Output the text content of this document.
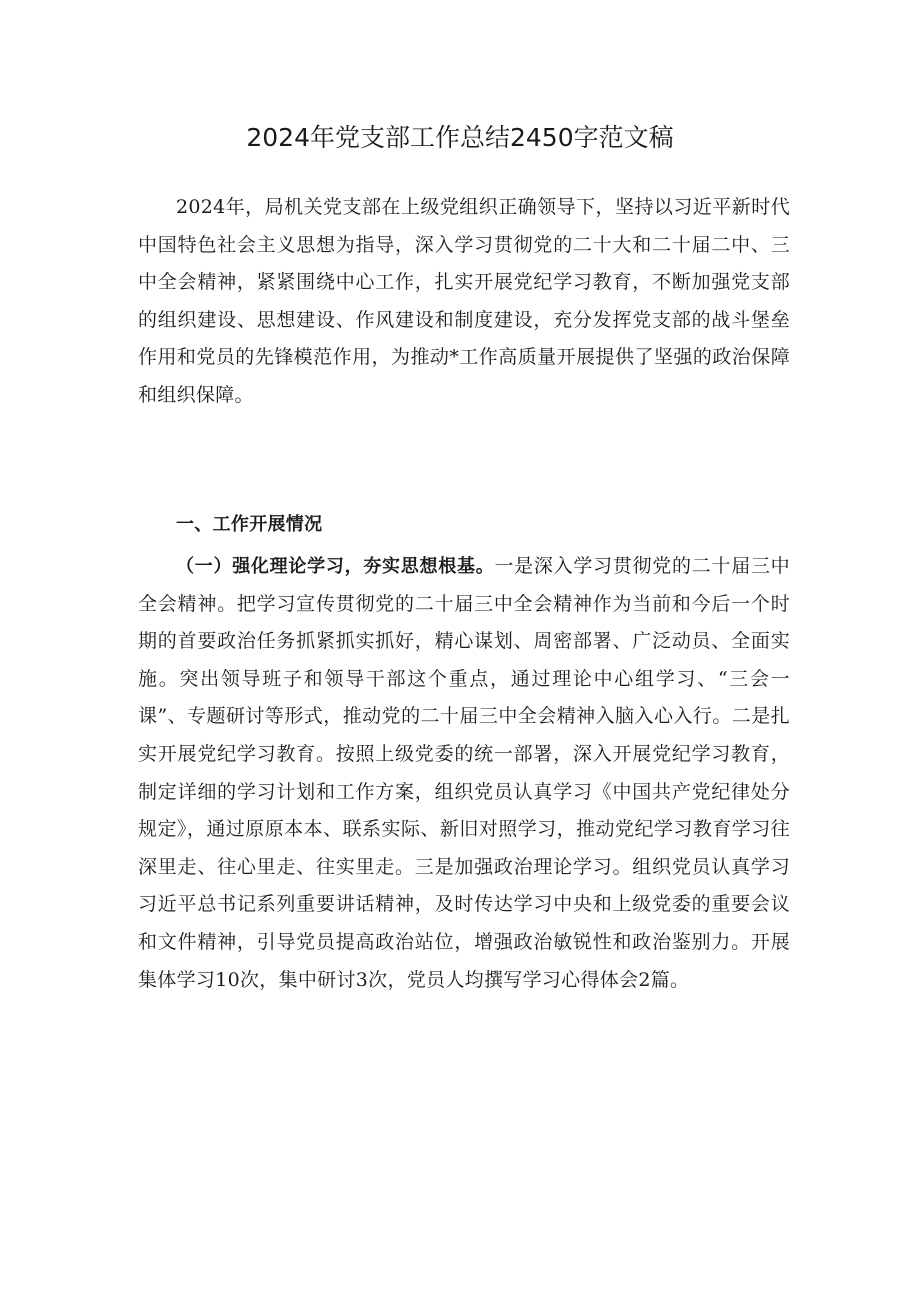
2024年党支部工作总结2450字范文稿

2024年，局机关党支部在上级党组织正确领导下，坚持以习近平新时代中国特色社会主义思想为指导，深入学习贯彻党的二十大和二十届二中、三中全会精神，紧紧围绕中心工作，扎实开展党纪学习教育，不断加强党支部的组织建设、思想建设、作风建设和制度建设，充分发挥党支部的战斗堡垒作用和党员的先锋模范作用，为推动*工作高质量开展提供了坚强的政治保障和组织保障。

一、工作开展情况

（一）强化理论学习，夯实思想根基。一是深入学习贯彻党的二十届三中全会精神。把学习宣传贯彻党的二十届三中全会精神作为当前和今后一个时期的首要政治任务抓紧抓实抓好，精心谋划、周密部署、广泛动员、全面实施。突出领导班子和领导干部这个重点，通过理论中心组学习、“三会一课”、专题研讨等形式，推动党的二十届三中全会精神入脑入心入行。二是扎实开展党纪学习教育。按照上级党委的统一部署，深入开展党纪学习教育，制定详细的学习计划和工作方案，组织党员认真学习《中国共产党纪律处分规定》，通过原原本本、联系实际、新旧对照学习，推动党纪学习教育学习往深里走、往心里走、往实里走。三是加强政治理论学习。组织党员认真学习习近平总书记系列重要讲话精神，及时传达学习中央和上级党委的重要会议和文件精神，引导党员提高政治站位，增强政治敏锐性和政治鉴别力。开展集体学习10次，集中研讨3次，党员人均撰写学习心得体会2篇。
